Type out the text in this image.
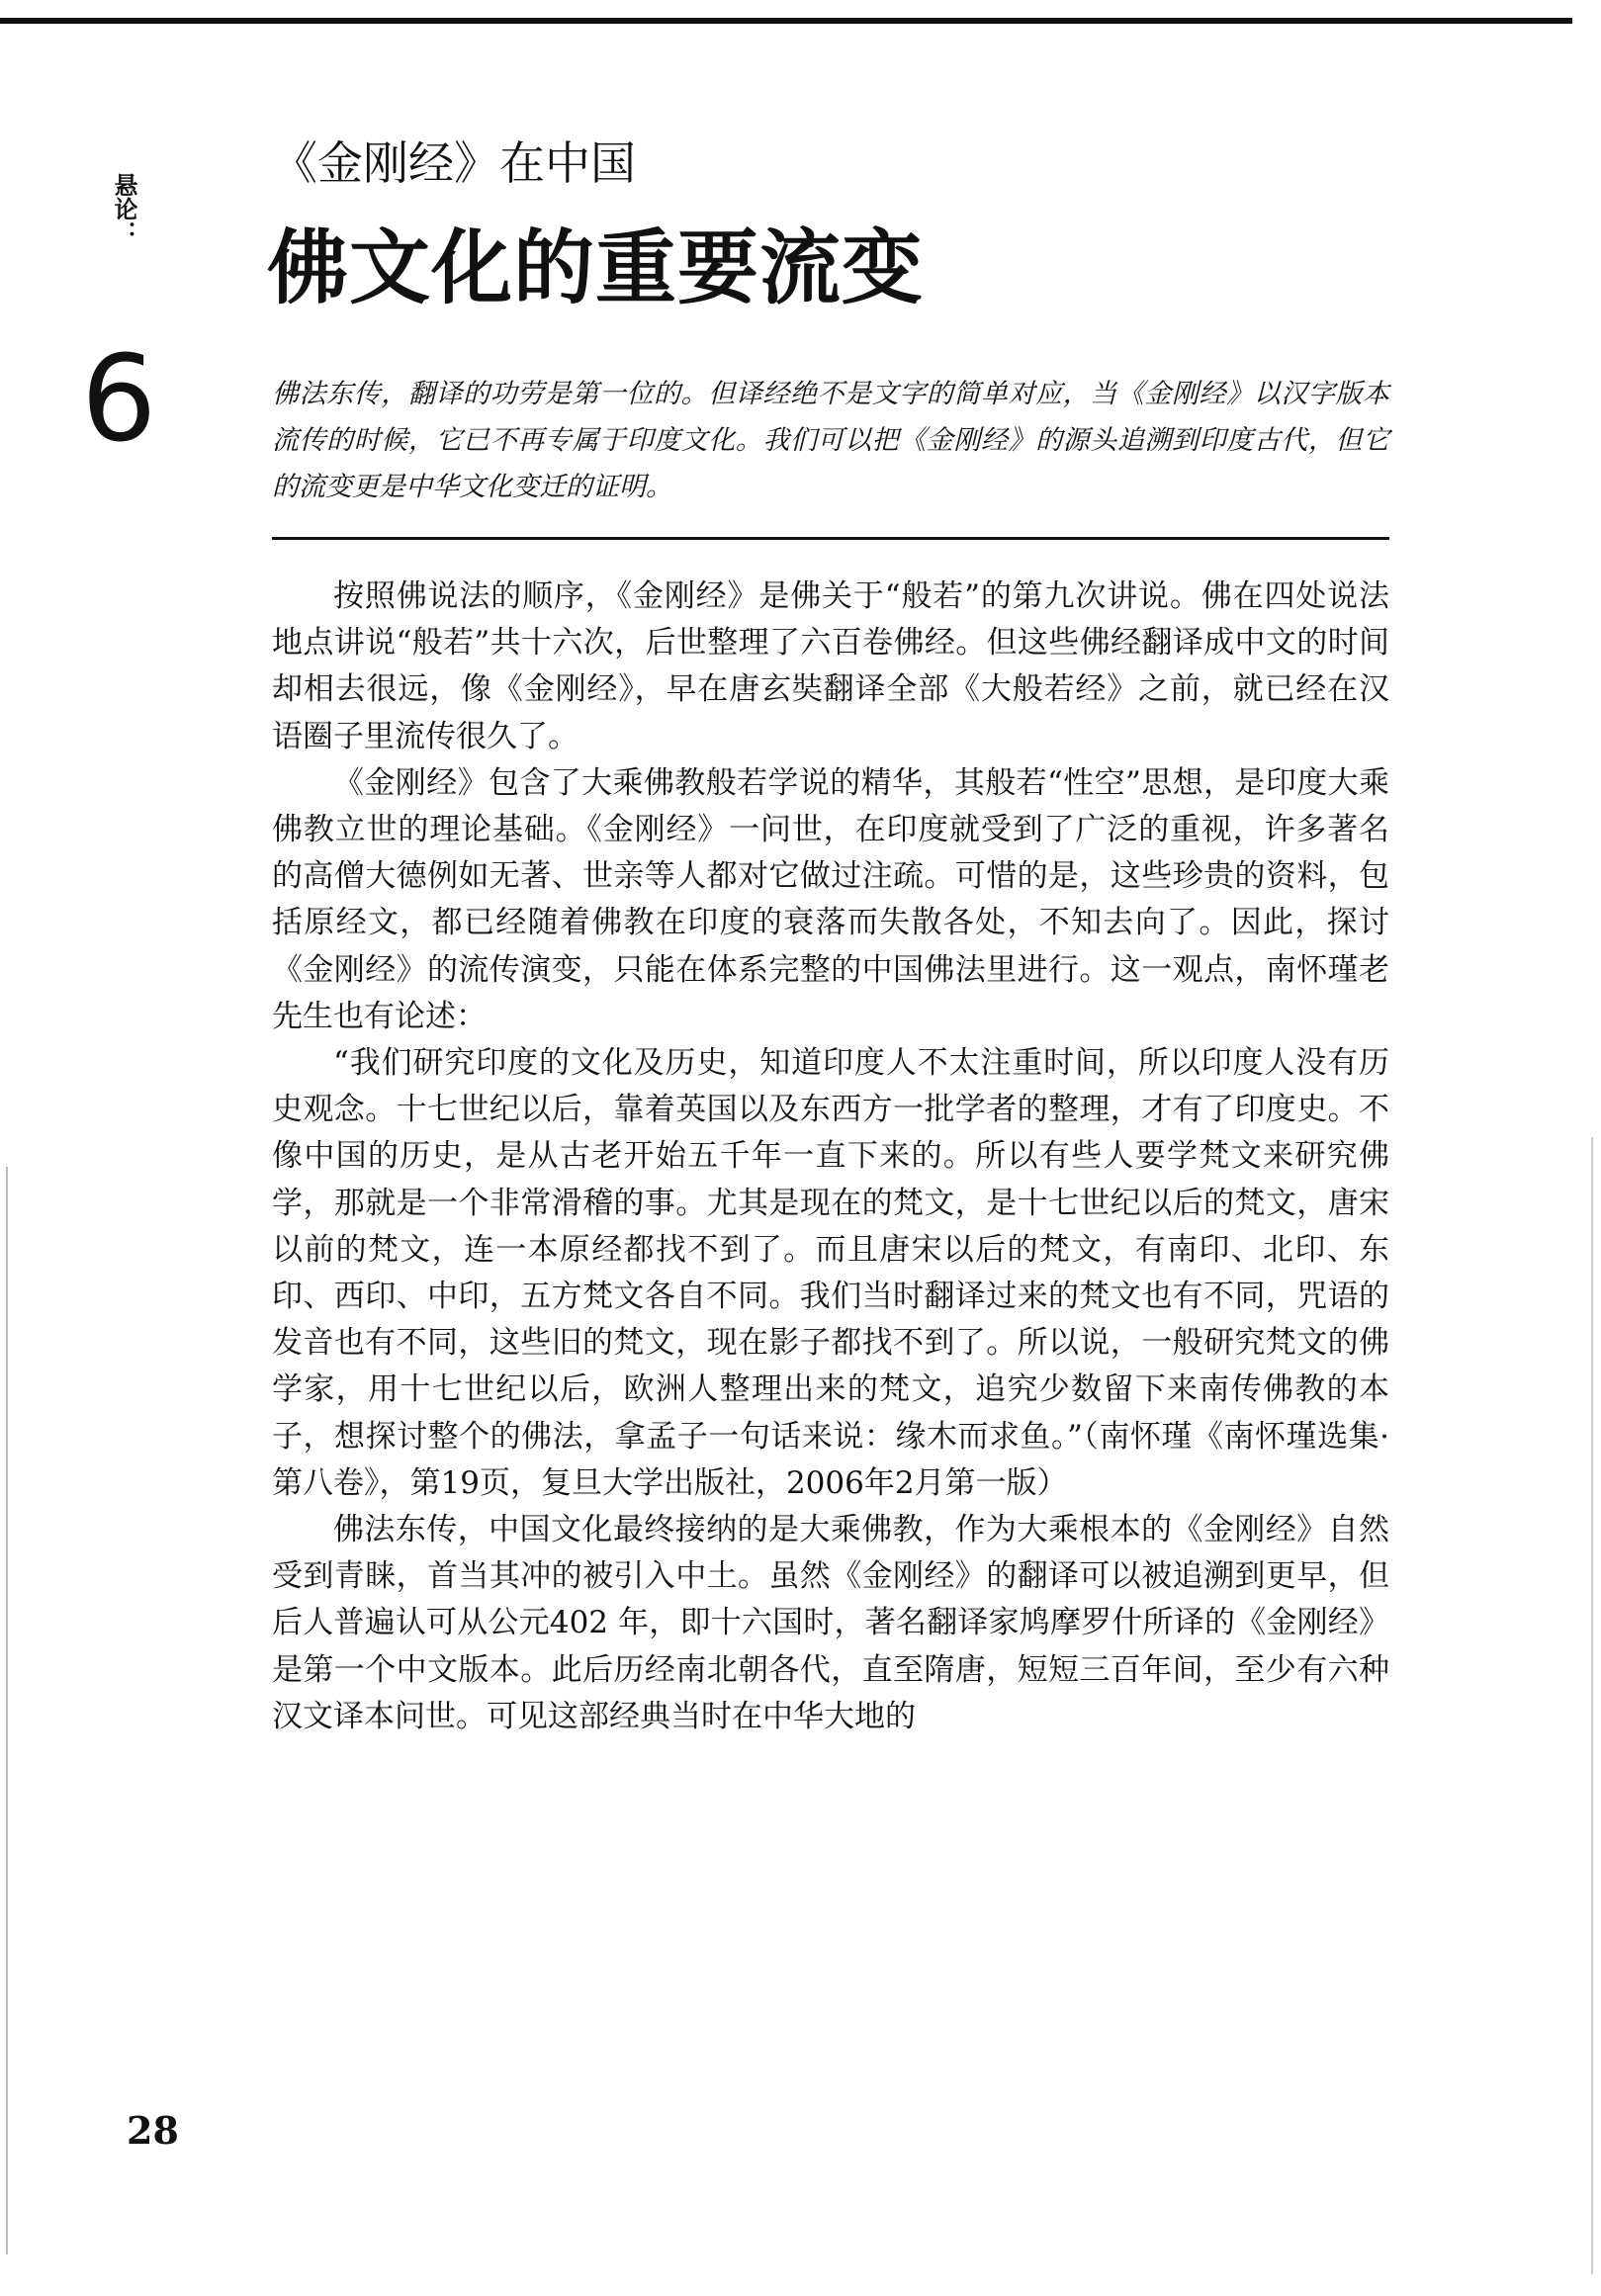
悬论：
6
《金刚经》在中国
佛文化的重要流变
佛法东传，翻译的功劳是第一位的。但译经绝不是文字的简单对应，当《金刚经》以汉字版本流传的时候，它已不再专属于印度文化。我们可以把《金刚经》的源头追溯到印度古代，但它的流变更是中华文化变迁的证明。

按照佛说法的顺序，《金刚经》是佛关于“般若”的第九次讲说。佛在四处说法地点讲说“般若”共十六次，后世整理了六百卷佛经。但这些佛经翻译成中文的时间却相去很远，像《金刚经》，早在唐玄奘翻译全部《大般若经》之前，就已经在汉语圈子里流传很久了。

《金刚经》包含了大乘佛教般若学说的精华，其般若“性空”思想，是印度大乘佛教立世的理论基础。《金刚经》一问世，在印度就受到了广泛的重视，许多著名的高僧大德例如无著、世亲等人都对它做过注疏。可惜的是，这些珍贵的资料，包括原经文，都已经随着佛教在印度的衰落而失散各处，不知去向了。因此，探讨《金刚经》的流传演变，只能在体系完整的中国佛法里进行。这一观点，南怀瑾老先生也有论述：

“我们研究印度的文化及历史，知道印度人不太注重时间，所以印度人没有历史观念。十七世纪以后，靠着英国以及东西方一批学者的整理，才有了印度史。不像中国的历史，是从古老开始五千年一直下来的。所以有些人要学梵文来研究佛学，那就是一个非常滑稽的事。尤其是现在的梵文，是十七世纪以后的梵文，唐宋以前的梵文，连一本原经都找不到了。而且唐宋以后的梵文，有南印、北印、东印、西印、中印，五方梵文各自不同。我们当时翻译过来的梵文也有不同，咒语的发音也有不同，这些旧的梵文，现在影子都找不到了。所以说，一般研究梵文的佛学家，用十七世纪以后，欧洲人整理出来的梵文，追究少数留下来南传佛教的本子，想探讨整个的佛法，拿孟子一句话来说：缘木而求鱼。”（南怀瑾《南怀瑾选集·第八卷》，第19页，复旦大学出版社，2006年2月第一版）

佛法东传，中国文化最终接纳的是大乘佛教，作为大乘根本的《金刚经》自然受到青睐，首当其冲的被引入中土。虽然《金刚经》的翻译可以被追溯到更早，但后人普遍认可从公元402 年，即十六国时，著名翻译家鸠摩罗什所译的《金刚经》是第一个中文版本。此后历经南北朝各代，直至隋唐，短短三百年间，至少有六种汉文译本问世。可见这部经典当时在中华大地的

28
